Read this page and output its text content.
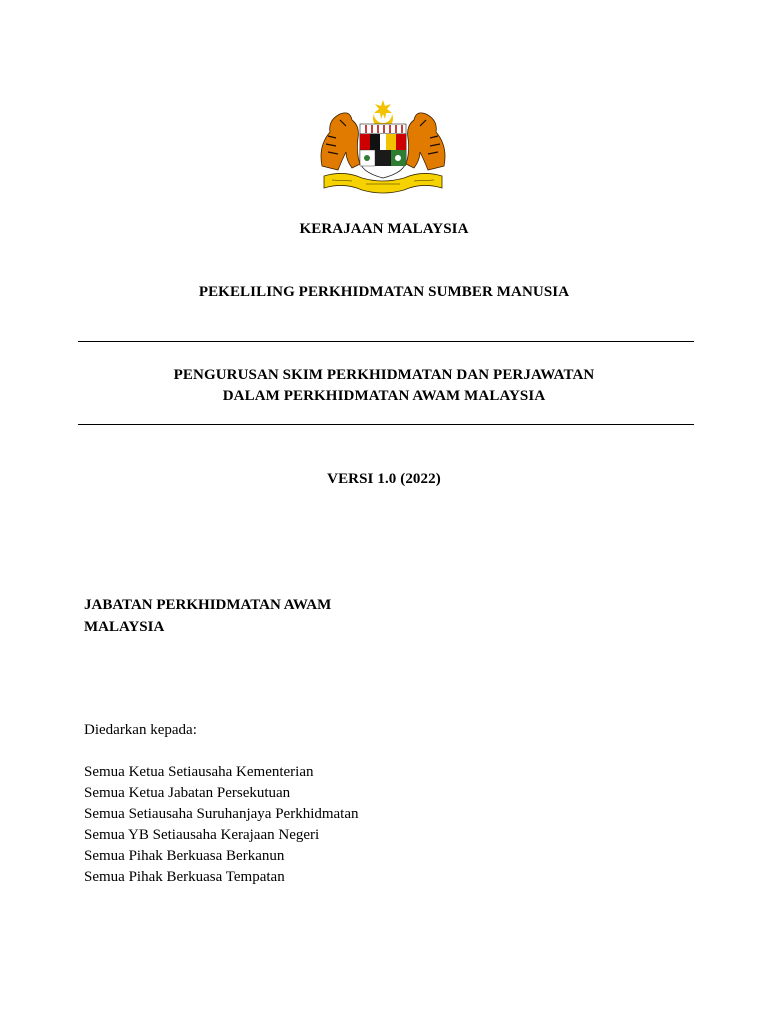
KERAJAAN MALAYSIA
PEKELILING PERKHIDMATAN SUMBER MANUSIA
PENGURUSAN SKIM PERKHIDMATAN DAN PERJAWATAN
DALAM PERKHIDMATAN AWAM MALAYSIA
VERSI 1.0 (2022)
JABATAN PERKHIDMATAN AWAM
MALAYSIA
Diedarkan kepada:
Semua Ketua Setiausaha Kementerian
Semua Ketua Jabatan Persekutuan
Semua Setiausaha Suruhanjaya Perkhidmatan
Semua YB Setiausaha Kerajaan Negeri
Semua Pihak Berkuasa Berkanun
Semua Pihak Berkuasa Tempatan
